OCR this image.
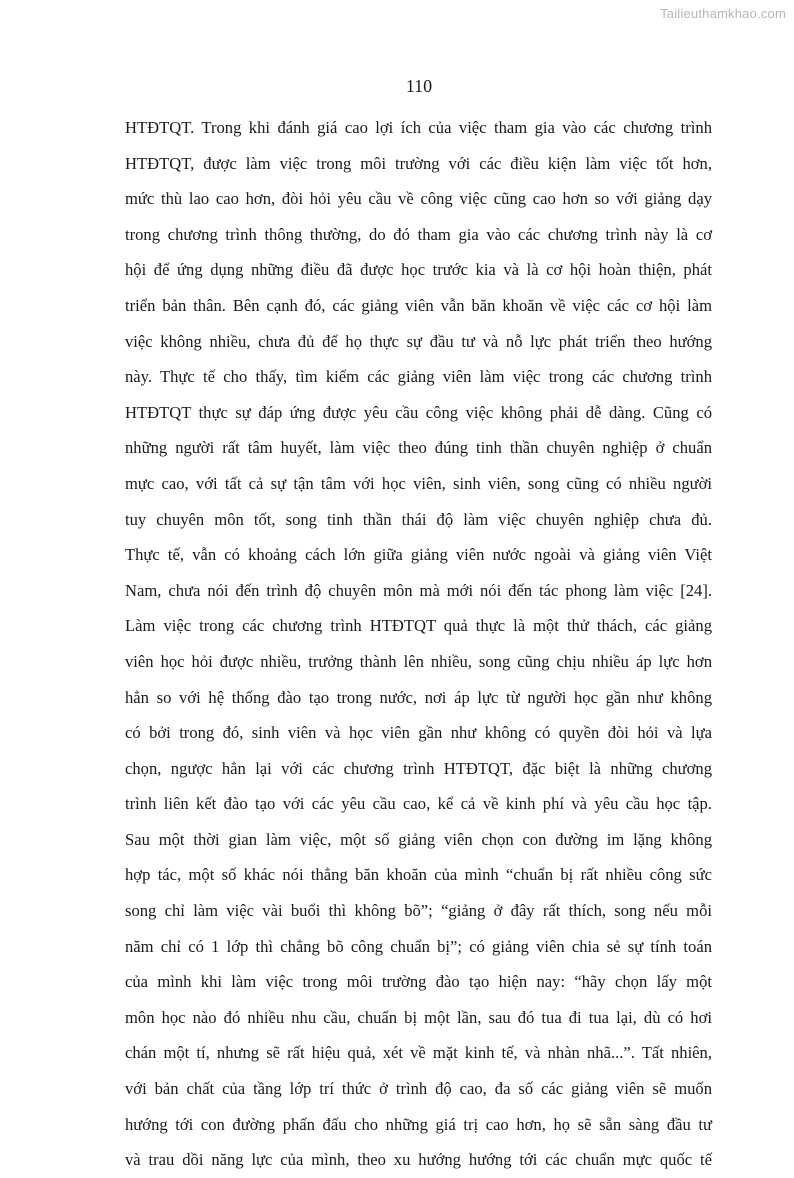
Tailieuthamkhao.com
110
HTĐTQT. Trong khi đánh giá cao lợi ích của việc tham gia vào các chương trình
HTĐTQT, được làm việc trong môi trường với các điều kiện làm việc tốt hơn,
mức thù lao cao hơn, đòi hỏi yêu cầu về công việc cũng cao hơn so với giảng dạy
trong chương trình thông thường, do đó tham gia vào các chương trình này là cơ
hội để ứng dụng những điều đã được học trước kia và là cơ hội hoàn thiện, phát
triển bản thân. Bên cạnh đó, các giảng viên vẫn băn khoăn về việc các cơ hội làm
việc không nhiều, chưa đủ để họ thực sự đầu tư và nỗ lực phát triển theo hướng
này. Thực tế cho thấy, tìm kiếm các giảng viên làm việc trong các chương trình
HTĐTQT thực sự đáp ứng được yêu cầu công việc không phải dễ dàng. Cũng có
những người rất tâm huyết, làm việc theo đúng tinh thần chuyên nghiệp ở chuẩn
mực cao, với tất cả sự tận tâm với học viên, sinh viên, song cũng có nhiều người
tuy chuyên môn tốt, song tinh thần thái độ làm việc chuyên nghiệp chưa đủ.
Thực tế, vẫn có khoảng cách lớn giữa giảng viên nước ngoài và giảng viên Việt
Nam, chưa nói đến trình độ chuyên môn mà mới nói đến tác phong làm việc [24].
Làm việc trong các chương trình HTĐTQT quả thực là một thử thách, các giảng
viên học hỏi được nhiều, trưởng thành lên nhiều, song cũng chịu nhiều áp lực hơn
hẳn so với hệ thống đào tạo trong nước, nơi áp lực từ người học gần như không
có bởi trong đó, sinh viên và học viên gần như không có quyền đòi hỏi và lựa
chọn, ngược hẳn lại với các chương trình HTĐTQT, đặc biệt là những chương
trình liên kết đào tạo với các yêu cầu cao, kể cả về kinh phí và yêu cầu học tập.
Sau một thời gian làm việc, một số giảng viên chọn con đường im lặng không
hợp tác, một số khác nói thẳng băn khoăn của mình “chuẩn bị rất nhiều công sức
song chỉ làm việc vài buổi thì không bõ”; “giảng ở đây rất thích, song nếu mỗi
năm chỉ có 1 lớp thì chẳng bõ công chuẩn bị”; có giảng viên chia sẻ sự tính toán
của mình khi làm việc trong môi trường đào tạo hiện nay: “hãy chọn lấy một
môn học nào đó nhiều nhu cầu, chuẩn bị một lần, sau đó tua đi tua lại, dù có hơi
chán một tí, nhưng sẽ rất hiệu quả, xét về mặt kinh tế, và nhàn nhã...”. Tất nhiên,
với bản chất của tầng lớp trí thức ở trình độ cao, đa số các giảng viên sẽ muốn
hướng tới con đường phấn đấu cho những giá trị cao hơn, họ sẽ sẵn sàng đầu tư
và trau dồi năng lực của mình, theo xu hướng hướng tới các chuẩn mực quốc tế
